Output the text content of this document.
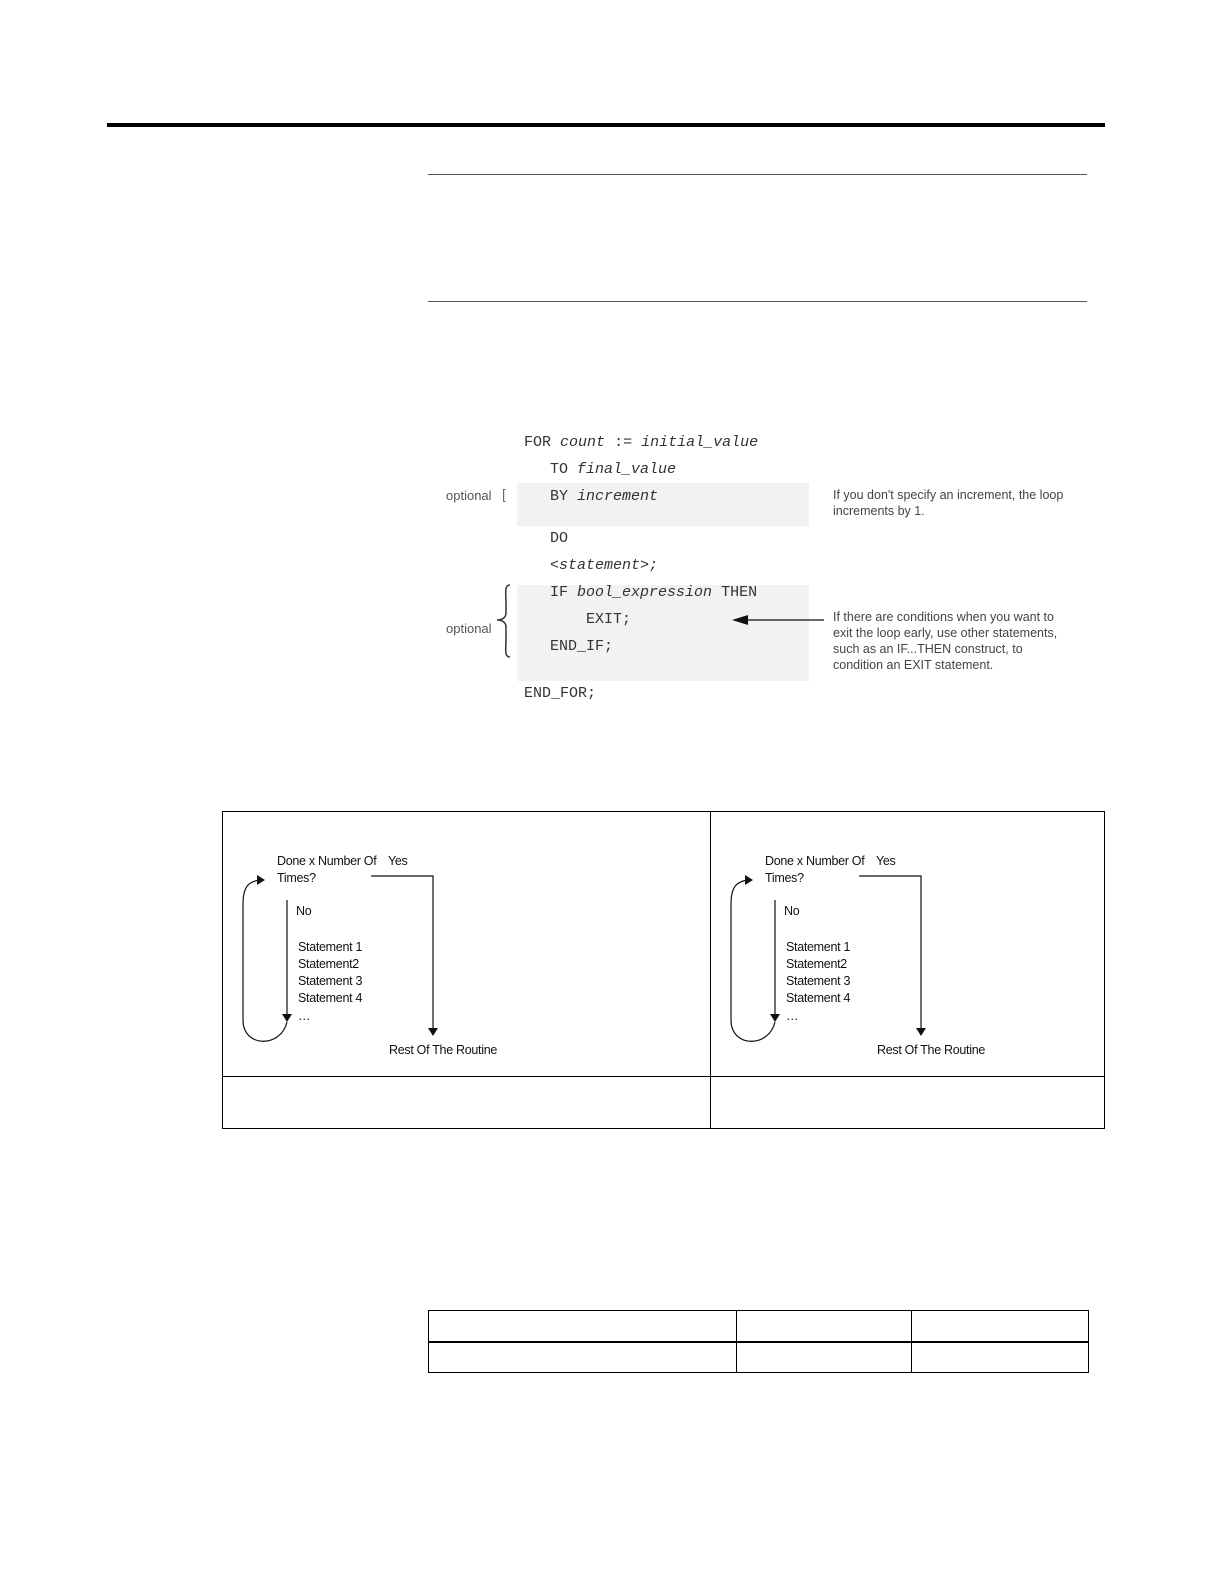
FOR count := initial_value
TO final_value
BY increment
DO
<statement>;
IF bool_expression THEN
EXIT;
END_IF;
END_FOR;
optional [
optional
If you don't specify an increment, the loop increments by 1.
If there are conditions when you want to exit the loop early, use other statements, such as an IF...THEN construct, to condition an EXIT statement.
Done x Number Of Times?
Yes
No
Statement 1
Statement2
Statement 3
Statement 4
…
Rest Of The Routine
Done x Number Of Times?
Yes
No
Statement 1
Statement2
Statement 3
Statement 4
…
Rest Of The Routine
